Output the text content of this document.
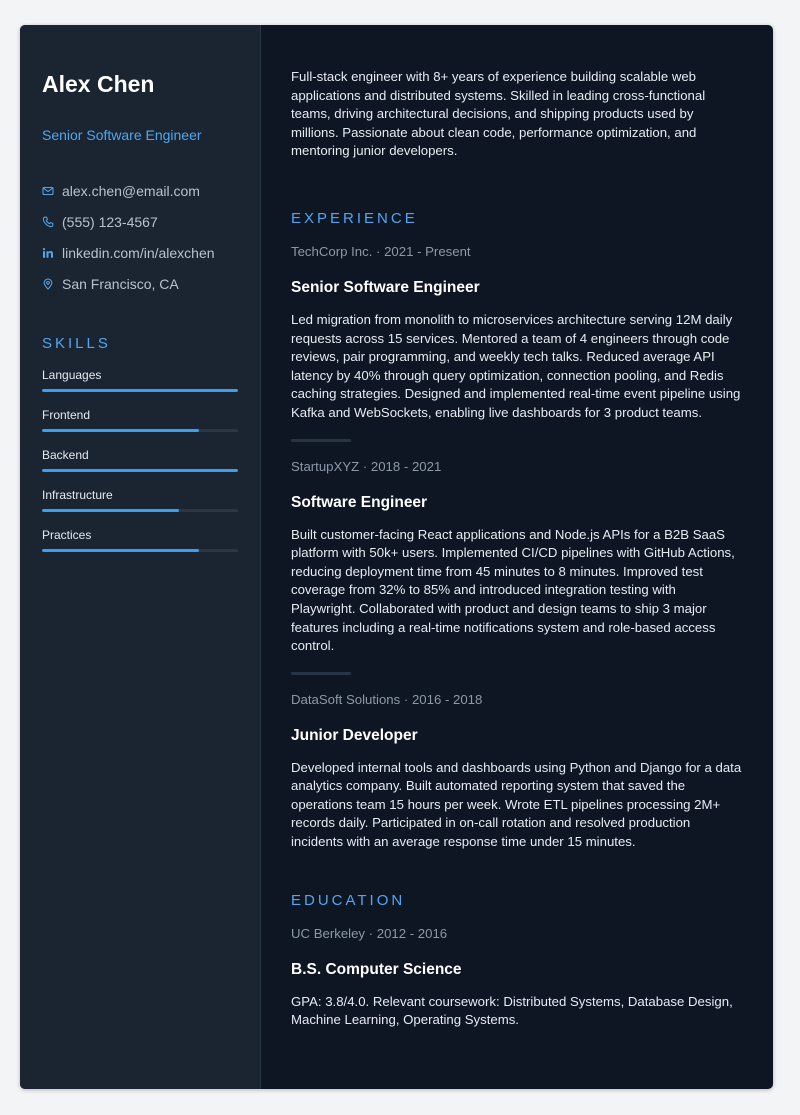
Alex Chen
Senior Software Engineer
alex.chen@email.com
(555) 123-4567
linkedin.com/in/alexchen
San Francisco, CA
SKILLS
Languages
Frontend
Backend
Infrastructure
Practices

Full-stack engineer with 8+ years of experience building scalable web applications and distributed systems. Skilled in leading cross-functional teams, driving architectural decisions, and shipping products used by millions. Passionate about clean code, performance optimization, and mentoring junior developers.

EXPERIENCE
TechCorp Inc. · 2021 - Present
Senior Software Engineer
Led migration from monolith to microservices architecture serving 12M daily requests across 15 services. Mentored a team of 4 engineers through code reviews, pair programming, and weekly tech talks. Reduced average API latency by 40% through query optimization, connection pooling, and Redis caching strategies. Designed and implemented real-time event pipeline using Kafka and WebSockets, enabling live dashboards for 3 product teams.
StartupXYZ · 2018 - 2021
Software Engineer
Built customer-facing React applications and Node.js APIs for a B2B SaaS platform with 50k+ users. Implemented CI/CD pipelines with GitHub Actions, reducing deployment time from 45 minutes to 8 minutes. Improved test coverage from 32% to 85% and introduced integration testing with Playwright. Collaborated with product and design teams to ship 3 major features including a real-time notifications system and role-based access control.
DataSoft Solutions · 2016 - 2018
Junior Developer
Developed internal tools and dashboards using Python and Django for a data analytics company. Built automated reporting system that saved the operations team 15 hours per week. Wrote ETL pipelines processing 2M+ records daily. Participated in on-call rotation and resolved production incidents with an average response time under 15 minutes.
EDUCATION
UC Berkeley · 2012 - 2016
B.S. Computer Science
GPA: 3.8/4.0. Relevant coursework: Distributed Systems, Database Design, Machine Learning, Operating Systems.
